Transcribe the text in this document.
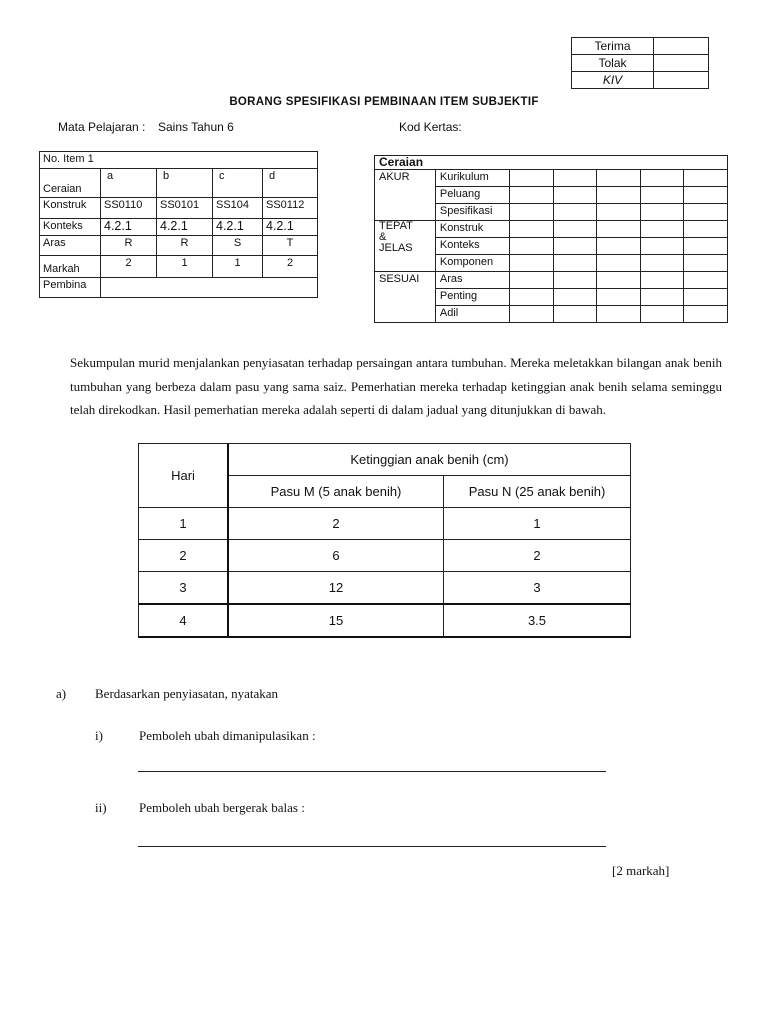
Terima	
Tolak	
KIV	
BORANG SPESIFIKASI PEMBINAAN ITEM SUBJEKTIF
Mata Pelajaran : Sains Tahun 6	Kod Kertas:
No. Item 1				
Ceraian	a	b	c	d
Konstruk	SS0110	SS0101	SS104	SS0112
Konteks	4.2.1	4.2.1	4.2.1	4.2.1
Aras	R	R	S	T
Markah	2	1	1	2
Pembina				
Ceraian						
AKUR	Kurikulum					
	Peluang					
	Spesifikasi					
TEPAT
&
JELAS	Konstruk					
	Konteks					
	Komponen					
SESUAI	Aras					
	Penting					
	Adil					
Sekumpulan murid menjalankan penyiasatan terhadap persaingan antara tumbuhan. Mereka meletakkan bilangan anak benih tumbuhan yang berbeza dalam pasu yang sama saiz. Pemerhatian mereka terhadap ketinggian anak benih selama seminggu telah direkodkan. Hasil pemerhatian mereka adalah seperti di dalam jadual yang ditunjukkan di bawah.
Hari	Ketinggian anak benih (cm)	
	Pasu M (5 anak benih)	Pasu N (25 anak benih)
1	2	1
2	6	2
3	12	3
4	15	3.5
a) Berdasarkan penyiasatan, nyatakan
i)	Pemboleh ubah dimanipulasikan :
ii) Pemboleh ubah bergerak balas :
[2 markah]
